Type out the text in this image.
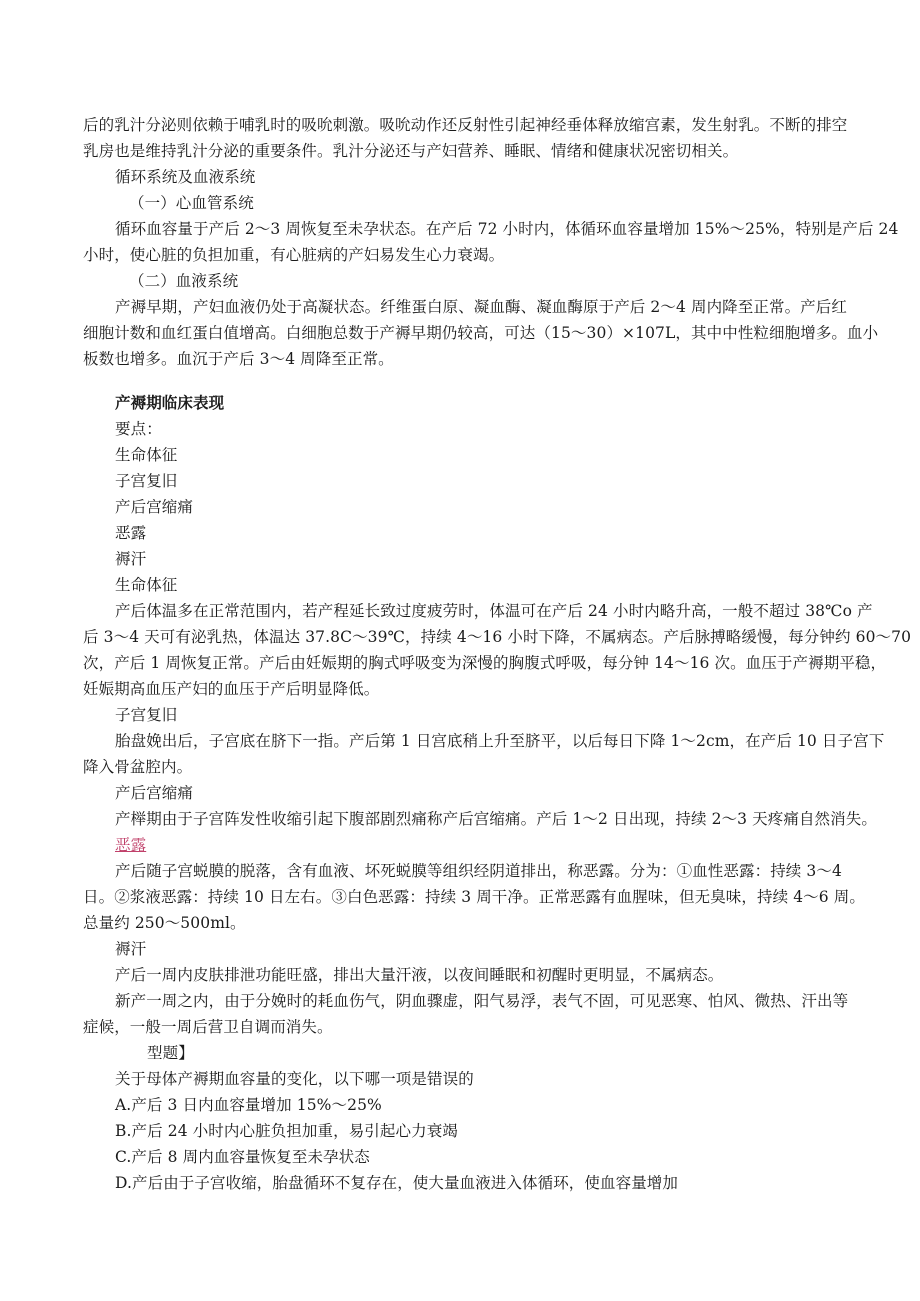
后的乳汁分泌则依赖于哺乳时的吸吮刺激。吸吮动作还反射性引起神经垂体释放缩宫素，发生射乳。不断的排空
乳房也是维持乳汁分泌的重要条件。乳汁分泌还与产妇营养、睡眠、情绪和健康状况密切相关。
循环系统及血液系统
（一）心血管系统
循环血容量于产后 2～3 周恢复至未孕状态。在产后 72 小时内，体循环血容量增加 15%～25%，特别是产后 24
小时，使心脏的负担加重，有心脏病的产妇易发生心力衰竭。
（二）血液系统
产褥早期，产妇血液仍处于高凝状态。纤维蛋白原、凝血酶、凝血酶原于产后 2～4 周内降至正常。产后红
细胞计数和血红蛋白值增高。白细胞总数于产褥早期仍较高，可达（15～30）×107L，其中中性粒细胞增多。血小
板数也增多。血沉于产后 3～4 周降至正常。
产褥期临床表现
要点：
生命体征
子宫复旧
产后宫缩痛
恶露
褥汗
生命体征
产后体温多在正常范围内，若产程延长致过度疲劳时，体温可在产后 24 小时内略升高，一般不超过 38℃o 产
后 3～4 天可有泌乳热，体温达 37.8C～39℃，持续 4～16 小时下降，不属病态。产后脉搏略缓慢，每分钟约 60～70
次，产后 1 周恢复正常。产后由妊娠期的胸式呼吸变为深慢的胸腹式呼吸，每分钟 14～16 次。血压于产褥期平稳，
妊娠期高血压产妇的血压于产后明显降低。
子宫复旧
胎盘娩出后，子宫底在脐下一指。产后第 1 日宫底稍上升至脐平，以后每日下降 1～2cm，在产后 10 日子宫下
降入骨盆腔内。
产后宫缩痛
产榉期由于子宫阵发性收缩引起下腹部剧烈痛称产后宫缩痛。产后 1～2 日出现，持续 2～3 天疼痛自然消失。
恶露
产后随子宫蜕膜的脱落，含有血液、坏死蜕膜等组织经阴道排出，称恶露。分为：①血性恶露：持续 3～4
日。②浆液恶露：持续 10 日左右。③白色恶露：持续 3 周干净。正常恶露有血腥味，但无臭味，持续 4～6 周。
总量约 250～500ml。
褥汗
产后一周内皮肤排泄功能旺盛，排出大量汗液，以夜间睡眠和初醒时更明显，不属病态。
新产一周之内，由于分娩时的耗血伤气，阴血骤虚，阳气易浮，表气不固，可见恶寒、怕风、微热、汗出等
症候，一般一周后营卫自调而消失。
型题】
关于母体产褥期血容量的变化，以下哪一项是错误的
A.产后 3 日内血容量增加 15%～25%
B.产后 24 小时内心脏负担加重，易引起心力衰竭
C.产后 8 周内血容量恢复至未孕状态
D.产后由于子宫收缩，胎盘循环不复存在，使大量血液进入体循环，使血容量增加
